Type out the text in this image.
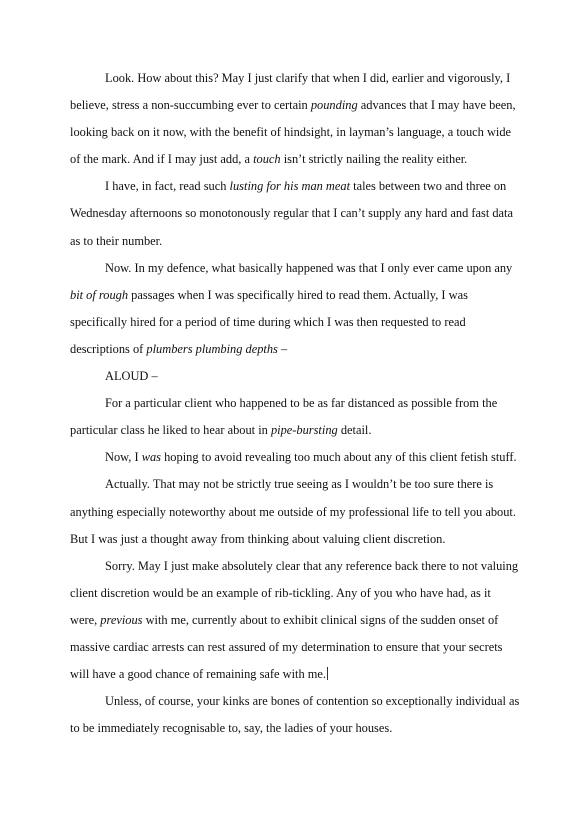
Look. How about this? May I just clarify that when I did, earlier and vigorously, I believe, stress a non-succumbing ever to certain pounding advances that I may have been, looking back on it now, with the benefit of hindsight, in layman’s language, a touch wide of the mark. And if I may just add, a touch isn’t strictly nailing the reality either.

I have, in fact, read such lusting for his man meat tales between two and three on Wednesday afternoons so monotonously regular that I can’t supply any hard and fast data as to their number.

Now. In my defence, what basically happened was that I only ever came upon any bit of rough passages when I was specifically hired to read them. Actually, I was specifically hired for a period of time during which I was then requested to read descriptions of plumbers plumbing depths –

ALOUD –

For a particular client who happened to be as far distanced as possible from the particular class he liked to hear about in pipe-bursting detail.

Now, I was hoping to avoid revealing too much about any of this client fetish stuff.

Actually. That may not be strictly true seeing as I wouldn’t be too sure there is anything especially noteworthy about me outside of my professional life to tell you about. But I was just a thought away from thinking about valuing client discretion.

Sorry. May I just make absolutely clear that any reference back there to not valuing client discretion would be an example of rib-tickling. Any of you who have had, as it were, previous with me, currently about to exhibit clinical signs of the sudden onset of massive cardiac arrests can rest assured of my determination to ensure that your secrets will have a good chance of remaining safe with me.

Unless, of course, your kinks are bones of contention so exceptionally individual as to be immediately recognisable to, say, the ladies of your houses.
